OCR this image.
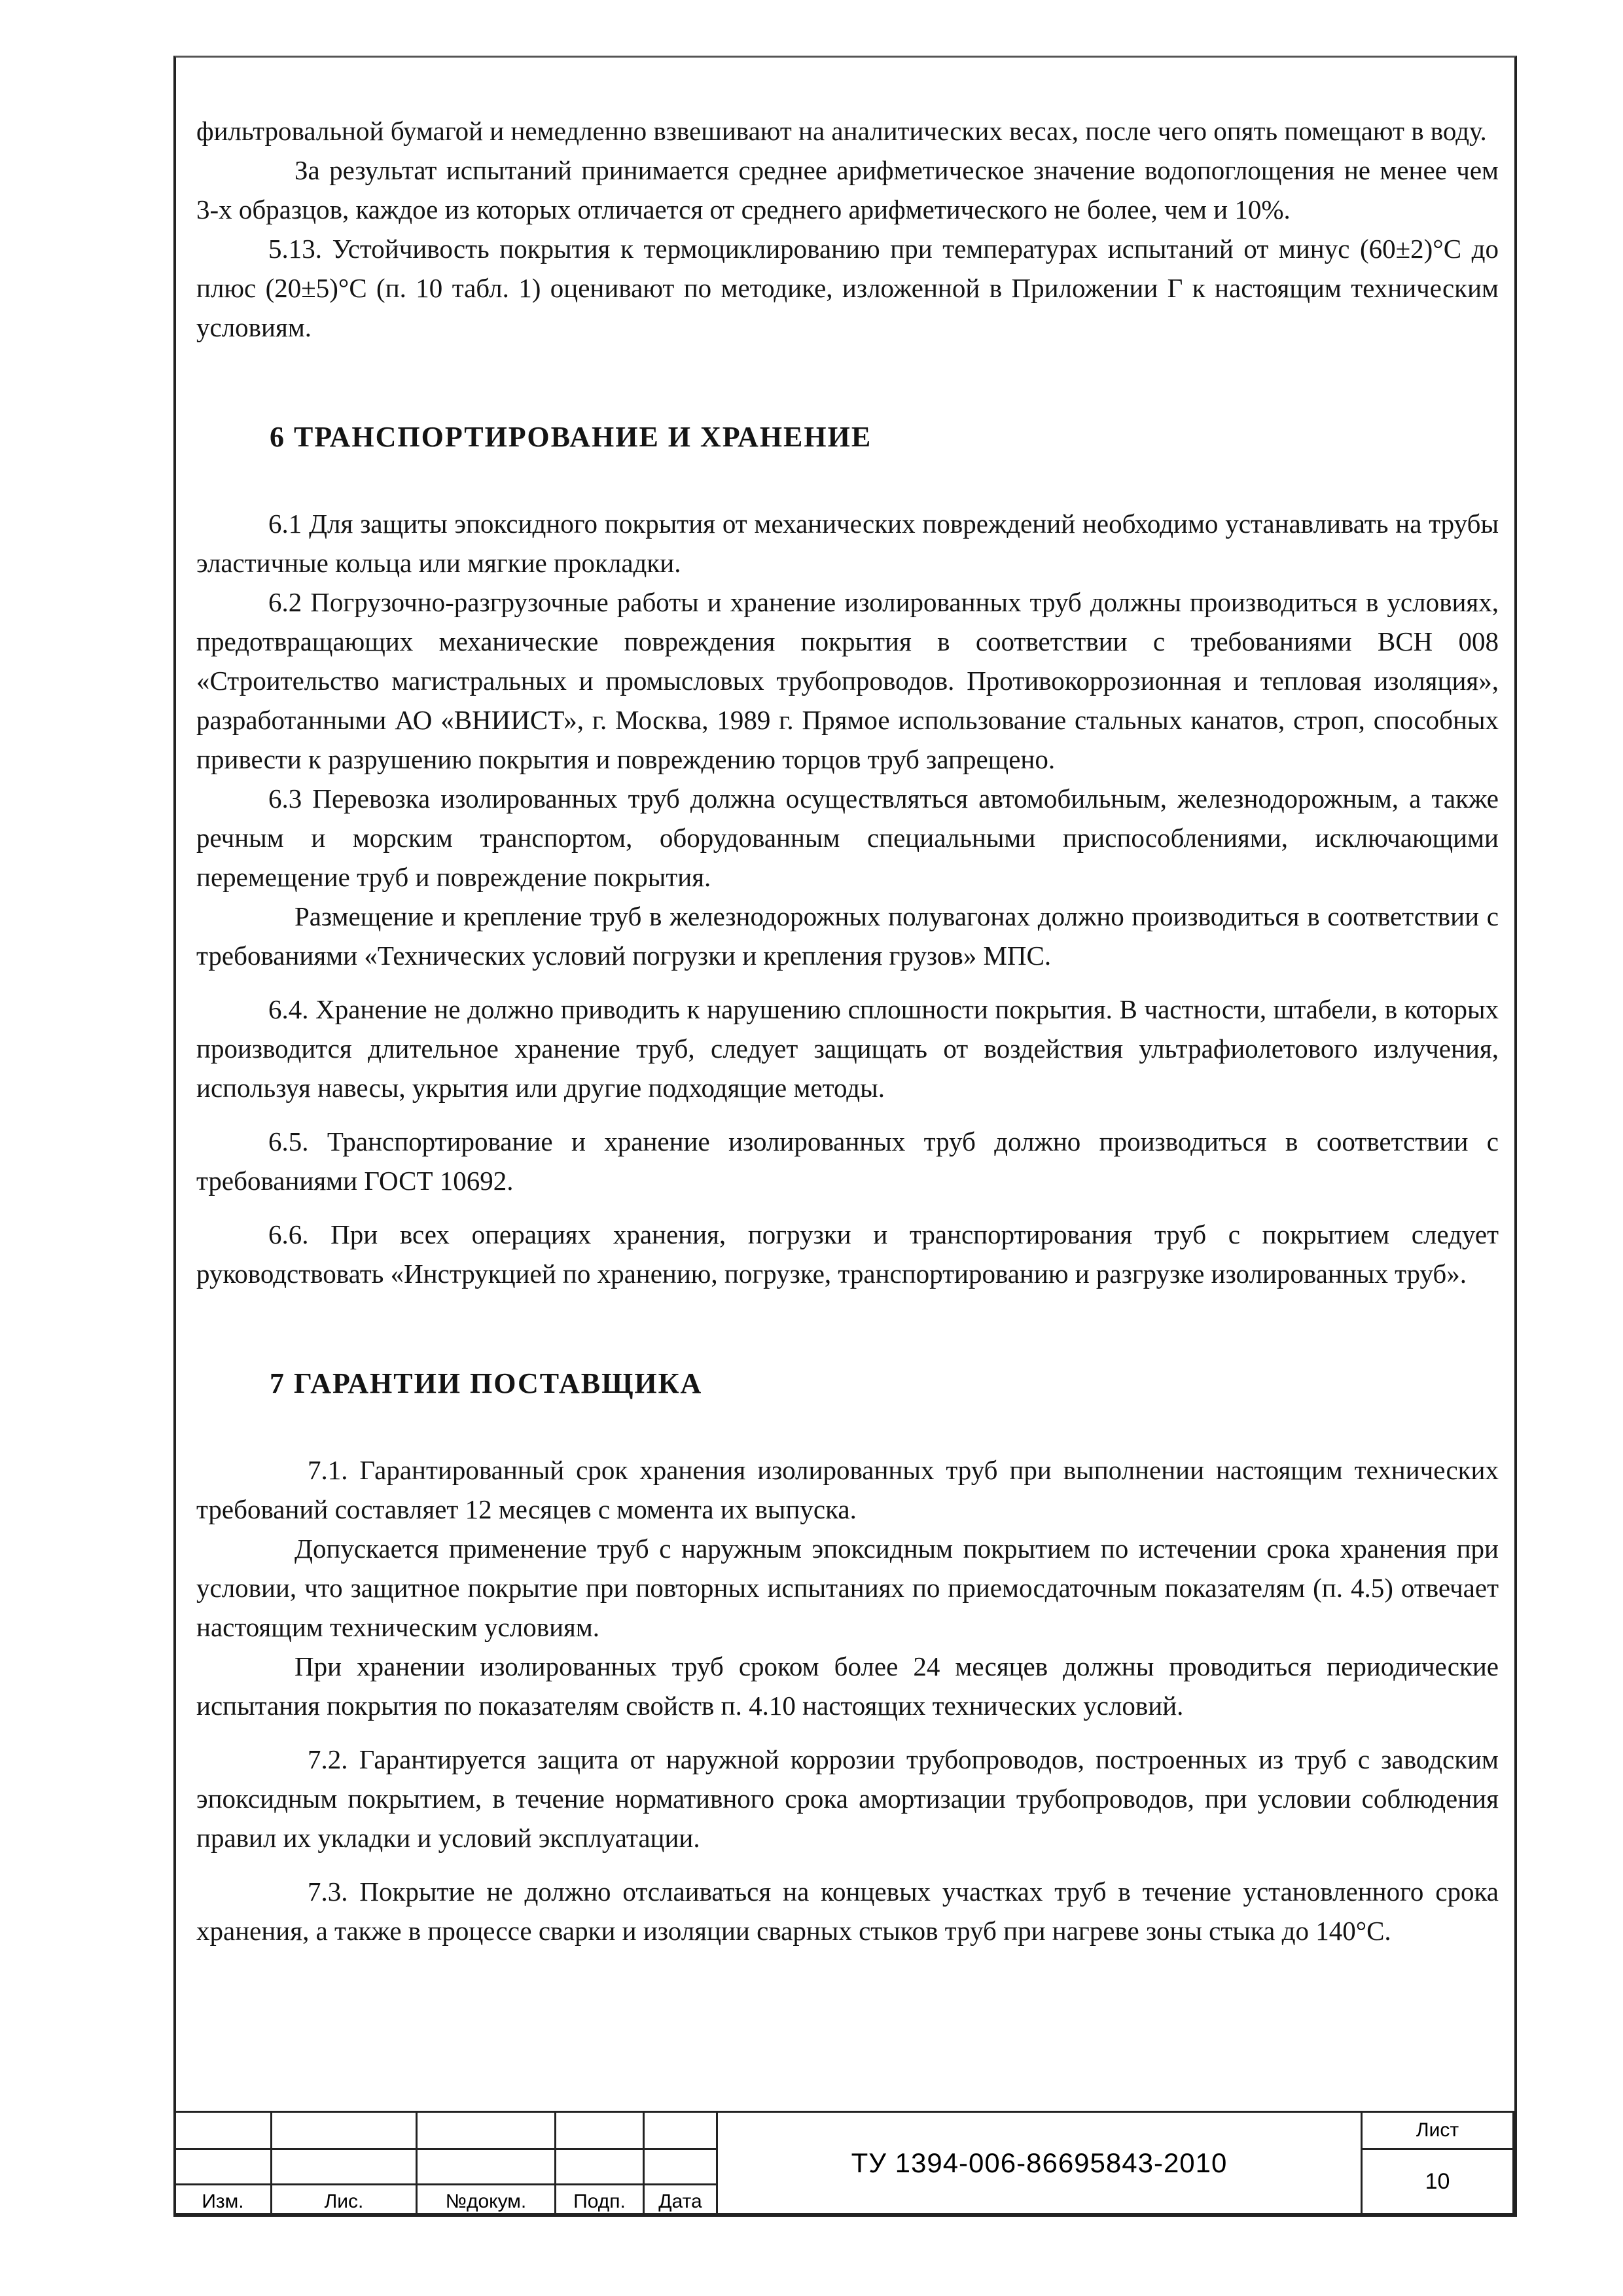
фильтровальной бумагой и немедленно взвешивают на аналитических весах, после чего опять помещают в воду.

За результат испытаний принимается среднее арифметическое значение водопоглощения не менее чем 3-х образцов, каждое из которых отличается от среднего арифметического не более, чем и 10%.

5.13. Устойчивость покрытия к термоциклированию при температурах испытаний от минус (60±2)°С до плюс (20±5)°С (п. 10 табл. 1) оценивают по методике, изложенной в Приложении Г к настоящим техническим условиям.

6 ТРАНСПОРТИРОВАНИЕ И ХРАНЕНИЕ

6.1 Для защиты эпоксидного покрытия от механических повреждений необходимо устанавливать на трубы эластичные кольца или мягкие прокладки.

6.2 Погрузочно-разгрузочные работы и хранение изолированных труб должны производиться в условиях, предотвращающих механические повреждения покрытия в соответствии с требованиями ВСН 008 «Строительство магистральных и промысловых трубопроводов. Противокоррозионная и тепловая изоляция», разработанными АО «ВНИИСТ», г. Москва, 1989 г. Прямое использование стальных канатов, строп, способных привести к разрушению покрытия и повреждению торцов труб запрещено.

6.3 Перевозка изолированных труб должна осуществляться автомобильным, железнодорожным, а также речным и морским транспортом, оборудованным специальными приспособлениями, исключающими перемещение труб и повреждение покрытия.

Размещение и крепление труб в железнодорожных полувагонах должно производиться в соответствии с требованиями «Технических условий погрузки и крепления грузов» МПС.

6.4. Хранение не должно приводить к нарушению сплошности покрытия. В частности, штабели, в которых производится длительное хранение труб, следует защищать от воздействия ультрафиолетового излучения, используя навесы, укрытия или другие подходящие методы.

6.5. Транспортирование и хранение изолированных труб должно производиться в соответствии с требованиями ГОСТ 10692.

6.6. При всех операциях хранения, погрузки и транспортирования труб с покрытием следует руководствовать «Инструкцией по хранению, погрузке, транспортированию и разгрузке изолированных труб».

7 ГАРАНТИИ ПОСТАВЩИКА

7.1. Гарантированный срок хранения изолированных труб при выполнении настоящим технических требований составляет 12 месяцев с момента их выпуска.

Допускается применение труб с наружным эпоксидным покрытием по истечении срока хранения при условии, что защитное покрытие при повторных испытаниях по приемосдаточным показателям (п. 4.5) отвечает настоящим техническим условиям.

При хранении изолированных труб сроком более 24 месяцев должны проводиться периодические испытания покрытия по показателям свойств п. 4.10 настоящих технических условий.

7.2. Гарантируется защита от наружной коррозии трубопроводов, построенных из труб с заводским эпоксидным покрытием, в течение нормативного срока амортизации трубопроводов, при условии соблюдения правил их укладки и условий эксплуатации.

7.3. Покрытие не должно отслаиваться на концевых участках труб в течение установленного срока хранения, а также в процессе сварки и изоляции сварных стыков труб при нагреве зоны стыка до 140°С.

					ТУ 1394-006-86695843-2010	Лист
						10
Изм.	Лис.	№докум.	Подп.	Дата		
